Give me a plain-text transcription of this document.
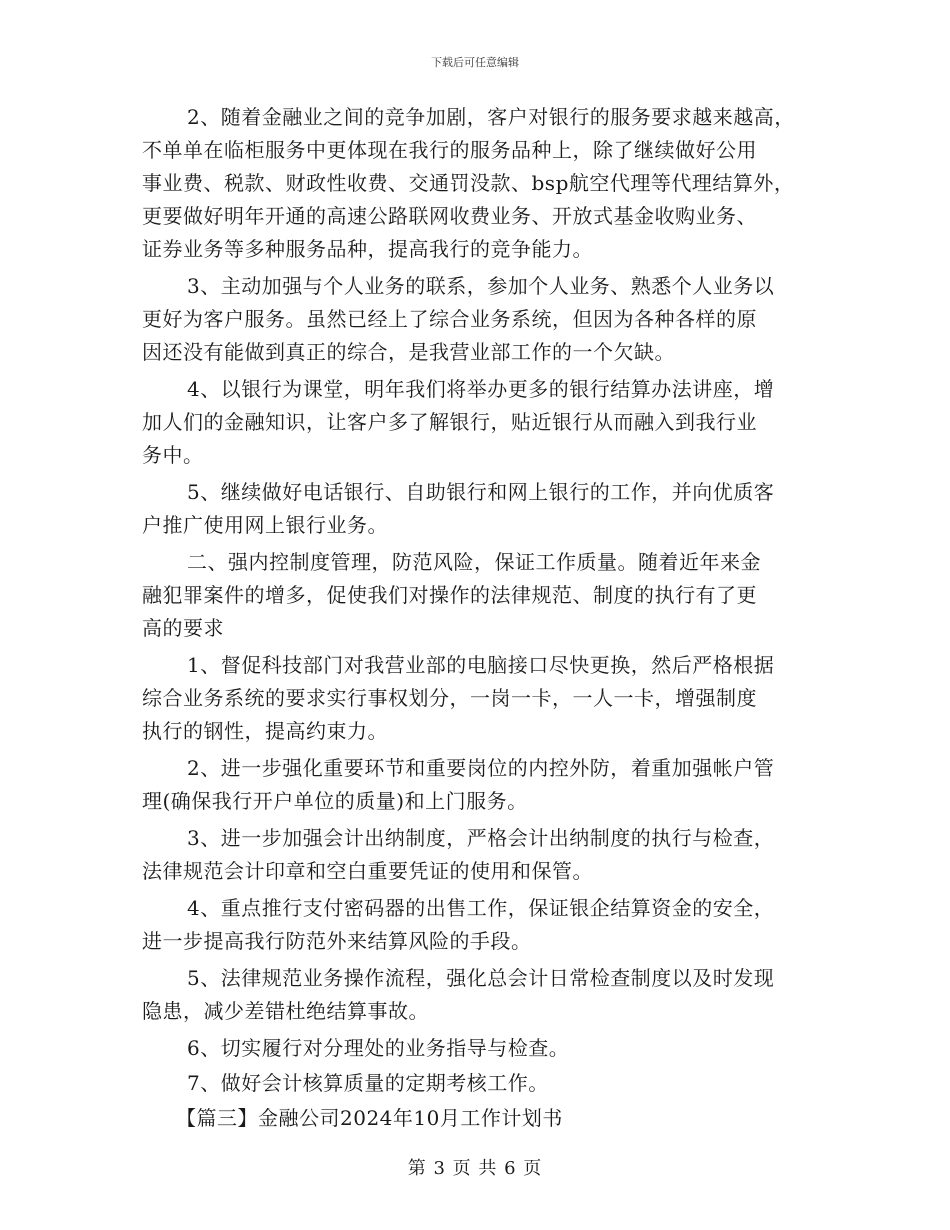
下载后可任意编辑
2、随着金融业之间的竞争加剧，客户对银行的服务要求越来越高，
不单单在临柜服务中更体现在我行的服务品种上，除了继续做好公用
事业费、税款、财政性收费、交通罚没款、bsp航空代理等代理结算外，
更要做好明年开通的高速公路联网收费业务、开放式基金收购业务、
证券业务等多种服务品种，提高我行的竞争能力。
3、主动加强与个人业务的联系，参加个人业务、熟悉个人业务以
更好为客户服务。虽然已经上了综合业务系统，但因为各种各样的原
因还没有能做到真正的综合，是我营业部工作的一个欠缺。
4、以银行为课堂，明年我们将举办更多的银行结算办法讲座，增
加人们的金融知识，让客户多了解银行，贴近银行从而融入到我行业
务中。
5、继续做好电话银行、自助银行和网上银行的工作，并向优质客
户推广使用网上银行业务。
二、强内控制度管理，防范风险，保证工作质量。随着近年来金
融犯罪案件的增多，促使我们对操作的法律规范、制度的执行有了更
高的要求
1、督促科技部门对我营业部的电脑接口尽快更换，然后严格根据
综合业务系统的要求实行事权划分，一岗一卡，一人一卡，增强制度
执行的钢性，提高约束力。
2、进一步强化重要环节和重要岗位的内控外防，着重加强帐户管
理(确保我行开户单位的质量)和上门服务。
3、进一步加强会计出纳制度，严格会计出纳制度的执行与检查，
法律规范会计印章和空白重要凭证的使用和保管。
4、重点推行支付密码器的出售工作，保证银企结算资金的安全，
进一步提高我行防范外来结算风险的手段。
5、法律规范业务操作流程，强化总会计日常检查制度以及时发现
隐患，减少差错杜绝结算事故。
6、切实履行对分理处的业务指导与检查。
7、做好会计核算质量的定期考核工作。
【篇三】金融公司2024年10月工作计划书
第 3 页 共 6 页
